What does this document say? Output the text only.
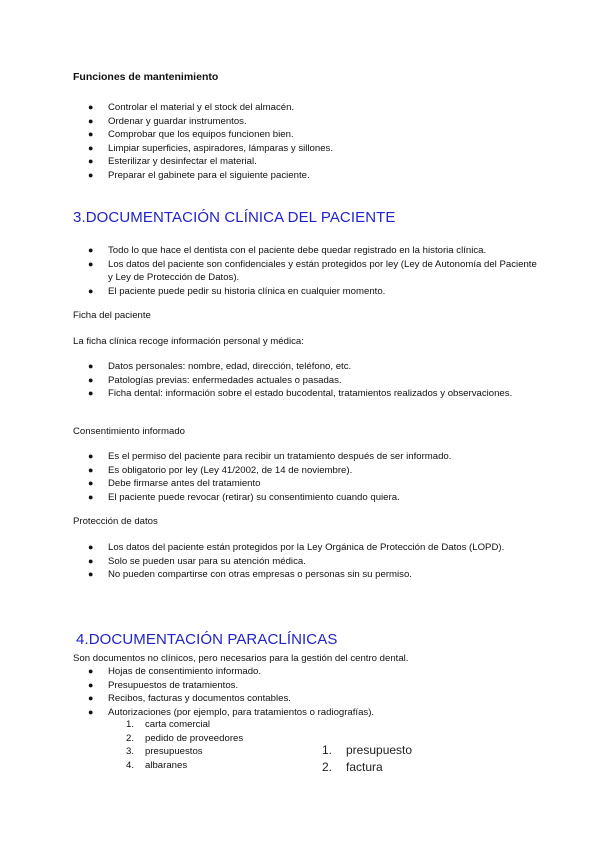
Funciones de mantenimiento
● Controlar el material y el stock del almacén.
● Ordenar y guardar instrumentos.
● Comprobar que los equipos funcionen bien.
● Limpiar superficies, aspiradores, lámparas y sillones.
● Esterilizar y desinfectar el material.
● Preparar el gabinete para el siguiente paciente.
3.DOCUMENTACIÓN CLÍNICA DEL PACIENTE
● Todo lo que hace el dentista con el paciente debe quedar registrado en la historia clínica.
● Los datos del paciente son confidenciales y están protegidos por ley (Ley de Autonomía del Paciente y Ley de Protección de Datos).
● El paciente puede pedir su historia clínica en cualquier momento.
Ficha del paciente
La ficha clínica recoge información personal y médica:
● Datos personales: nombre, edad, dirección, teléfono, etc.
● Patologías previas: enfermedades actuales o pasadas.
● Ficha dental: información sobre el estado bucodental, tratamientos realizados y observaciones.
Consentimiento informado
● Es el permiso del paciente para recibir un tratamiento después de ser informado.
● Es obligatorio por ley (Ley 41/2002, de 14 de noviembre).
● Debe firmarse antes del tratamiento
● El paciente puede revocar (retirar) su consentimiento cuando quiera.
Protección de datos
● Los datos del paciente están protegidos por la Ley Orgánica de Protección de Datos (LOPD).
● Solo se pueden usar para su atención médica.
● No pueden compartirse con otras empresas o personas sin su permiso.
4.DOCUMENTACIÓN PARACLÍNICAS
Son documentos no clínicos, pero necesarios para la gestión del centro dental.
● Hojas de consentimiento informado.
● Presupuestos de tratamientos.
● Recibos, facturas y documentos contables.
● Autorizaciones (por ejemplo, para tratamientos o radiografías).
1. carta comercial
2. pedido de proveedores
3. presupuestos
4. albaranes
1. presupuesto
2. factura
